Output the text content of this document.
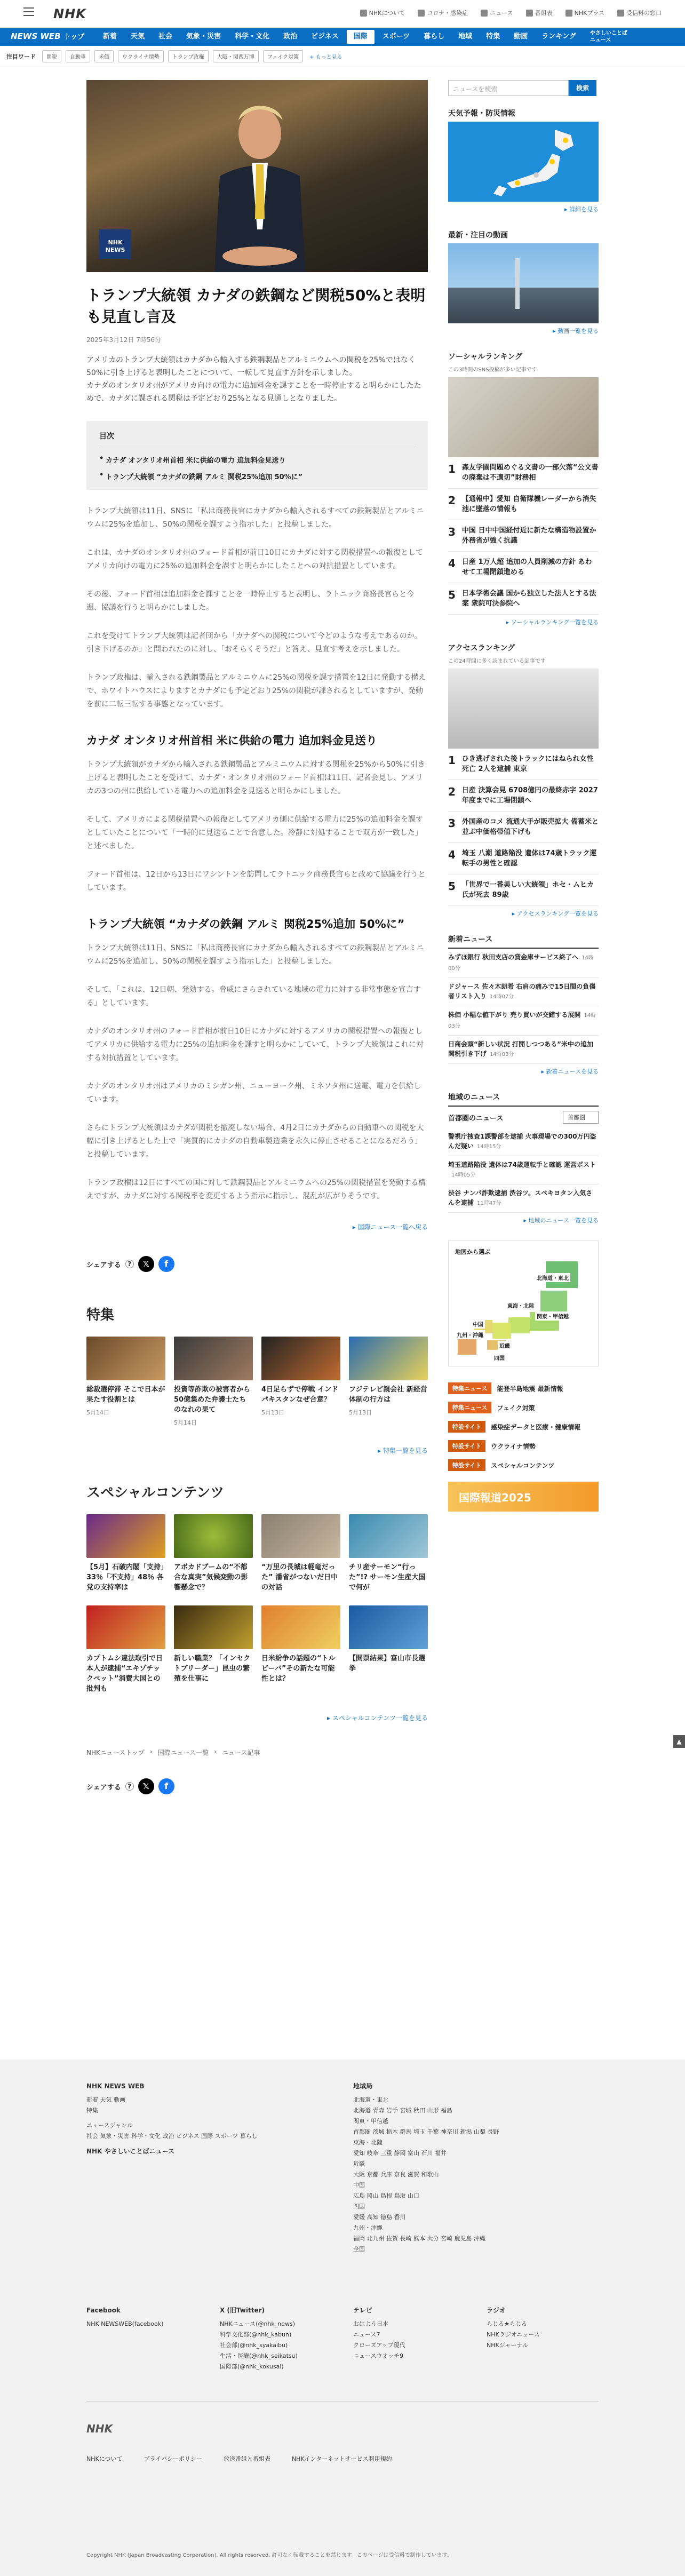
NHK	NHKについて	コロナ・感染症	ニュース	番組表	NHKプラス	受信料の窓口
NEWS WEB トップ	新着	天気	社会	気象・災害	科学・文化	政治	ビジネス	国際	スポーツ	暮らし	地域	特集	動画	ランキング	やさしいことばニュース
注目ワード	関税	自動車	米価	ウクライナ情勢	トランプ政権	大阪・関西万博	フェイク対策	+ もっと見る
NHK NEWS
トランプ大統領 カナダの鉄鋼など関税50%と表明も見直し言及
2025年3月12日 7時56分
アメリカのトランプ大統領はカナダから輸入する鉄鋼製品とアルミニウムへの関税を25%ではなく50%に引き上げると表明したことについて、一転して見直す方針を示しました。
カナダのオンタリオ州がアメリカ向けの電力に追加料金を課すことを一時停止すると明らかにしたためで、カナダに課される関税は予定どおり25%となる見通しとなりました。
目次
• カナダ オンタリオ州首相 米に供給の電力 追加料金見送り
• トランプ大統領 “カナダの鉄鋼 アルミ 関税25%追加 50%に”

トランプ大統領は11日、SNSに「私は商務長官にカナダから輸入されるすべての鉄鋼製品とアルミニウムに25%を追加し、50%の関税を課すよう指示した」と投稿しました。

これは、カナダのオンタリオ州のフォード首相が前日10日にカナダに対する関税措置への報復としてアメリカ向けの電力に25%の追加料金を課すと明らかにしたことへの対抗措置としています。

その後、フォード首相は追加料金を課すことを一時停止すると表明し、ラトニック商務長官らと今週、協議を行うと明らかにしました。

これを受けてトランプ大統領は記者団から「カナダへの関税について今どのような考えであるのか。引き下げるのか」と問われたのに対し、「おそらくそうだ」と答え、見直す考えを示しました。

トランプ政権は、輸入される鉄鋼製品とアルミニウムに25%の関税を課す措置を12日に発動する構えで、ホワイトハウスによりますとカナダにも予定どおり25%の関税が課されるとしていますが、発動を前に二転三転する事態となっています。

カナダ オンタリオ州首相 米に供給の電力 追加料金見送り

トランプ大統領がカナダから輸入される鉄鋼製品とアルミニウムに対する関税を25%から50%に引き上げると表明したことを受けて、カナダ・オンタリオ州のフォード首相は11日、記者会見し、アメリカの3つの州に供給している電力への追加料金を見送ると明らかにしました。

そして、アメリカによる関税措置への報復としてアメリカ側に供給する電力に25%の追加料金を課すとしていたことについて「一時的に見送ることで合意した。冷静に対処することで双方が一致した」と述べました。

フォード首相は、12日から13日にワシントンを訪問してラトニック商務長官らと改めて協議を行うとしています。

トランプ大統領 “カナダの鉄鋼 アルミ 関税25%追加 50%に”

トランプ大統領は11日、SNSに「私は商務長官にカナダから輸入されるすべての鉄鋼製品とアルミニウムに25%を追加し、50%の関税を課すよう指示した」と投稿しました。

そして、「これは、12日朝、発効する。脅威にさらされている地域の電力に対する非常事態を宣言する」としています。

カナダのオンタリオ州のフォード首相が前日10日にカナダに対するアメリカの関税措置への報復としてアメリカに供給する電力に25%の追加料金を課すと明らかにしていて、トランプ大統領はこれに対する対抗措置としています。

カナダのオンタリオ州はアメリカのミシガン州、ニューヨーク州、ミネソタ州に送電、電力を供給しています。

さらにトランプ大統領はカナダが関税を撤廃しない場合、4月2日にカナダからの自動車への関税を大幅に引き上げるとした上で「実質的にカナダの自動車製造業を永久に停止させることになるだろう」と投稿しています。

トランプ政権は12日にすべての国に対して鉄鋼製品とアルミニウムへの25%の関税措置を発動する構えですが、カナダに対する関税率を変更するよう指示に指示し、混乱が広がりそうです。

▸ 国際ニュース一覧へ戻る
シェアする	?	𝕏	f
特集
総裁選停滞 そこで日本が果たす役割とは
5月14日
投資等詐欺の被害者から50億集めた弁護士たちのなれの果て
5月14日
4日足らずで停戦 インド パキスタンなぜ合意？
5月13日
フジテレビ親会社 新経営体制の行方は
5月13日
▸ 特集一覧を見る
スペシャルコンテンツ
【5月】石破内閣「支持」33％「不支持」48％ 各党の支持率は
アボカドブームの“不都合な真実”気候変動の影響懸念で？
“万里の長城は軽竜だった” 潘省がつないだ日中の対話
チリ産サーモン“行った”!? サーモン生産大国で何が
カプトムシ違法取引で日本人が逮捕“エキゾチックペット”消費大国との批判も
新しい職業？「インセクトブリーダー」昆虫の繁殖を仕事に
日米紛争の話題の“トルビーバ”その新たな可能性とは？
【開票結果】富山市長選挙
▸ スペシャルコンテンツ一覧を見る
NHKニューストップ › 国際ニュース一覧 › ニュース記事
シェアする	?	𝕏	f
ニュースを検索	検索
天気予報・防災情報
▸ 詳細を見る
最新・注目の動画
▸ 動画一覧を見る
ソーシャルランキング
この3時間のSNS投稿が多い記事です
1 森友学園問題めぐる文書の一部欠落“公文書の廃棄は不適切”財務相
2 【通報中】愛知 自衛隊機レーダーから消失 池に墜落の情報も
3 中国 日中中国経付近に新たな構造物設置か 外務省が強く抗議
4 日産 1万人超 追加の人員削減の方針 あわせて工場閉鎖進める
5 日本学術会議 国から独立した法人とする法案 衆院可決参院へ
▸ ソーシャルランキング一覧を見る
アクセスランキング
この24時間に多く読まれている記事です
1 ひき逃げされた後トラックにはねられ女性死亡 2人を逮捕 東京
2 日産 決算会見 6708億円の最終赤字 2027年度までに工場閉鎖へ
3 外国産のコメ 流通大手が販売拡大 備蓄米と並ぶ中価格帯値下げも
4 埼玉 八潮 道路陥没 遺体は74歳トラック運転手の男性と確認
5 「世界で一番美しい大統領」ホセ・ムヒカ氏が死去 89歳
▸ アクセスランキング一覧を見る
新着ニュース
みずほ銀行 秋田支店の貸金庫サービス終了へ 14時00分
ドジャース 佐々木朗希 右肩の痛みで15日間の負傷者リスト入り 14時07分
株価 小幅な値下がり 売り買いが交錯する展開 14時03分
日商会頭“新しい状況 打開しつつある”米中の追加関税引き下げ 14時03分
▸ 新着ニュースを見る
地域のニュース
首都圏のニュース	首都圏
警視庁捜査1課警部を逮捕 火事現場での300万円盗んだ疑い 14時15分
埼玉道路陥没 遺体は74歳運転手と確認 運営ポスト14時05分
渋谷 ナンパ詐欺逮捕 渋谷ツ。スペキヨタン入気さんを逮捕 11時47分
▸ 地域のニュース一覧を見る
地図から選ぶ
北海道・東北
関東・甲信越
東海・北陸
近畿
中国
九州・沖縄
四国
特集ニュース	能登半島地震 最新情報
特集ニュース	フェイク対策
特設サイト	感染症データと医療・健康情報
特設サイト	ウクライナ情勢
特設サイト	スペシャルコンテンツ
国際報道2025
▲
NHK NEWS WEB
新着 天気 動画
特集
ニュースジャンル
社会 気象・災害 科学・文化 政治 ビジネス 国際 スポーツ 暮らし
NHK やさしいことばニュース
地域局
北海道・東北
北海道 青森 岩手 宮城 秋田 山形 福島
関東・甲信越
首都圏 茨城 栃木 群馬 埼玉 千葉 神奈川 新潟 山梨 長野
東海・北陸
愛知 岐阜 三重 静岡 富山 石川 福井
近畿
大阪 京都 兵庫 奈良 滋賀 和歌山
中国
広島 岡山 島根 鳥取 山口
四国
愛媛 高知 徳島 香川
九州・沖縄
福岡 北九州 佐賀 長崎 熊本 大分 宮崎 鹿児島 沖縄
全国
Facebook
NHK NEWSWEB(facebook)
X (旧Twitter)
NHKニュース(@nhk_news)
科学文化部(@nhk_kabun)
社会部(@nhk_syakaibu)
生活・医療(@nhk_seikatsu)
国際部(@nhk_kokusai)
テレビ
おはよう日本
ニュース7
クローズアップ現代
ニュースウオッチ9
ラジオ
らじる★らじる
NHKラジオニュース
NHKジャーナル
NHK
NHKについて	プライバシーポリシー	放送番組と番組表	NHKインターネットサービス利用規約
Copyright NHK (Japan Broadcasting Corporation). All rights reserved. 許可なく転載することを禁じます。このページは受信料で制作しています。
